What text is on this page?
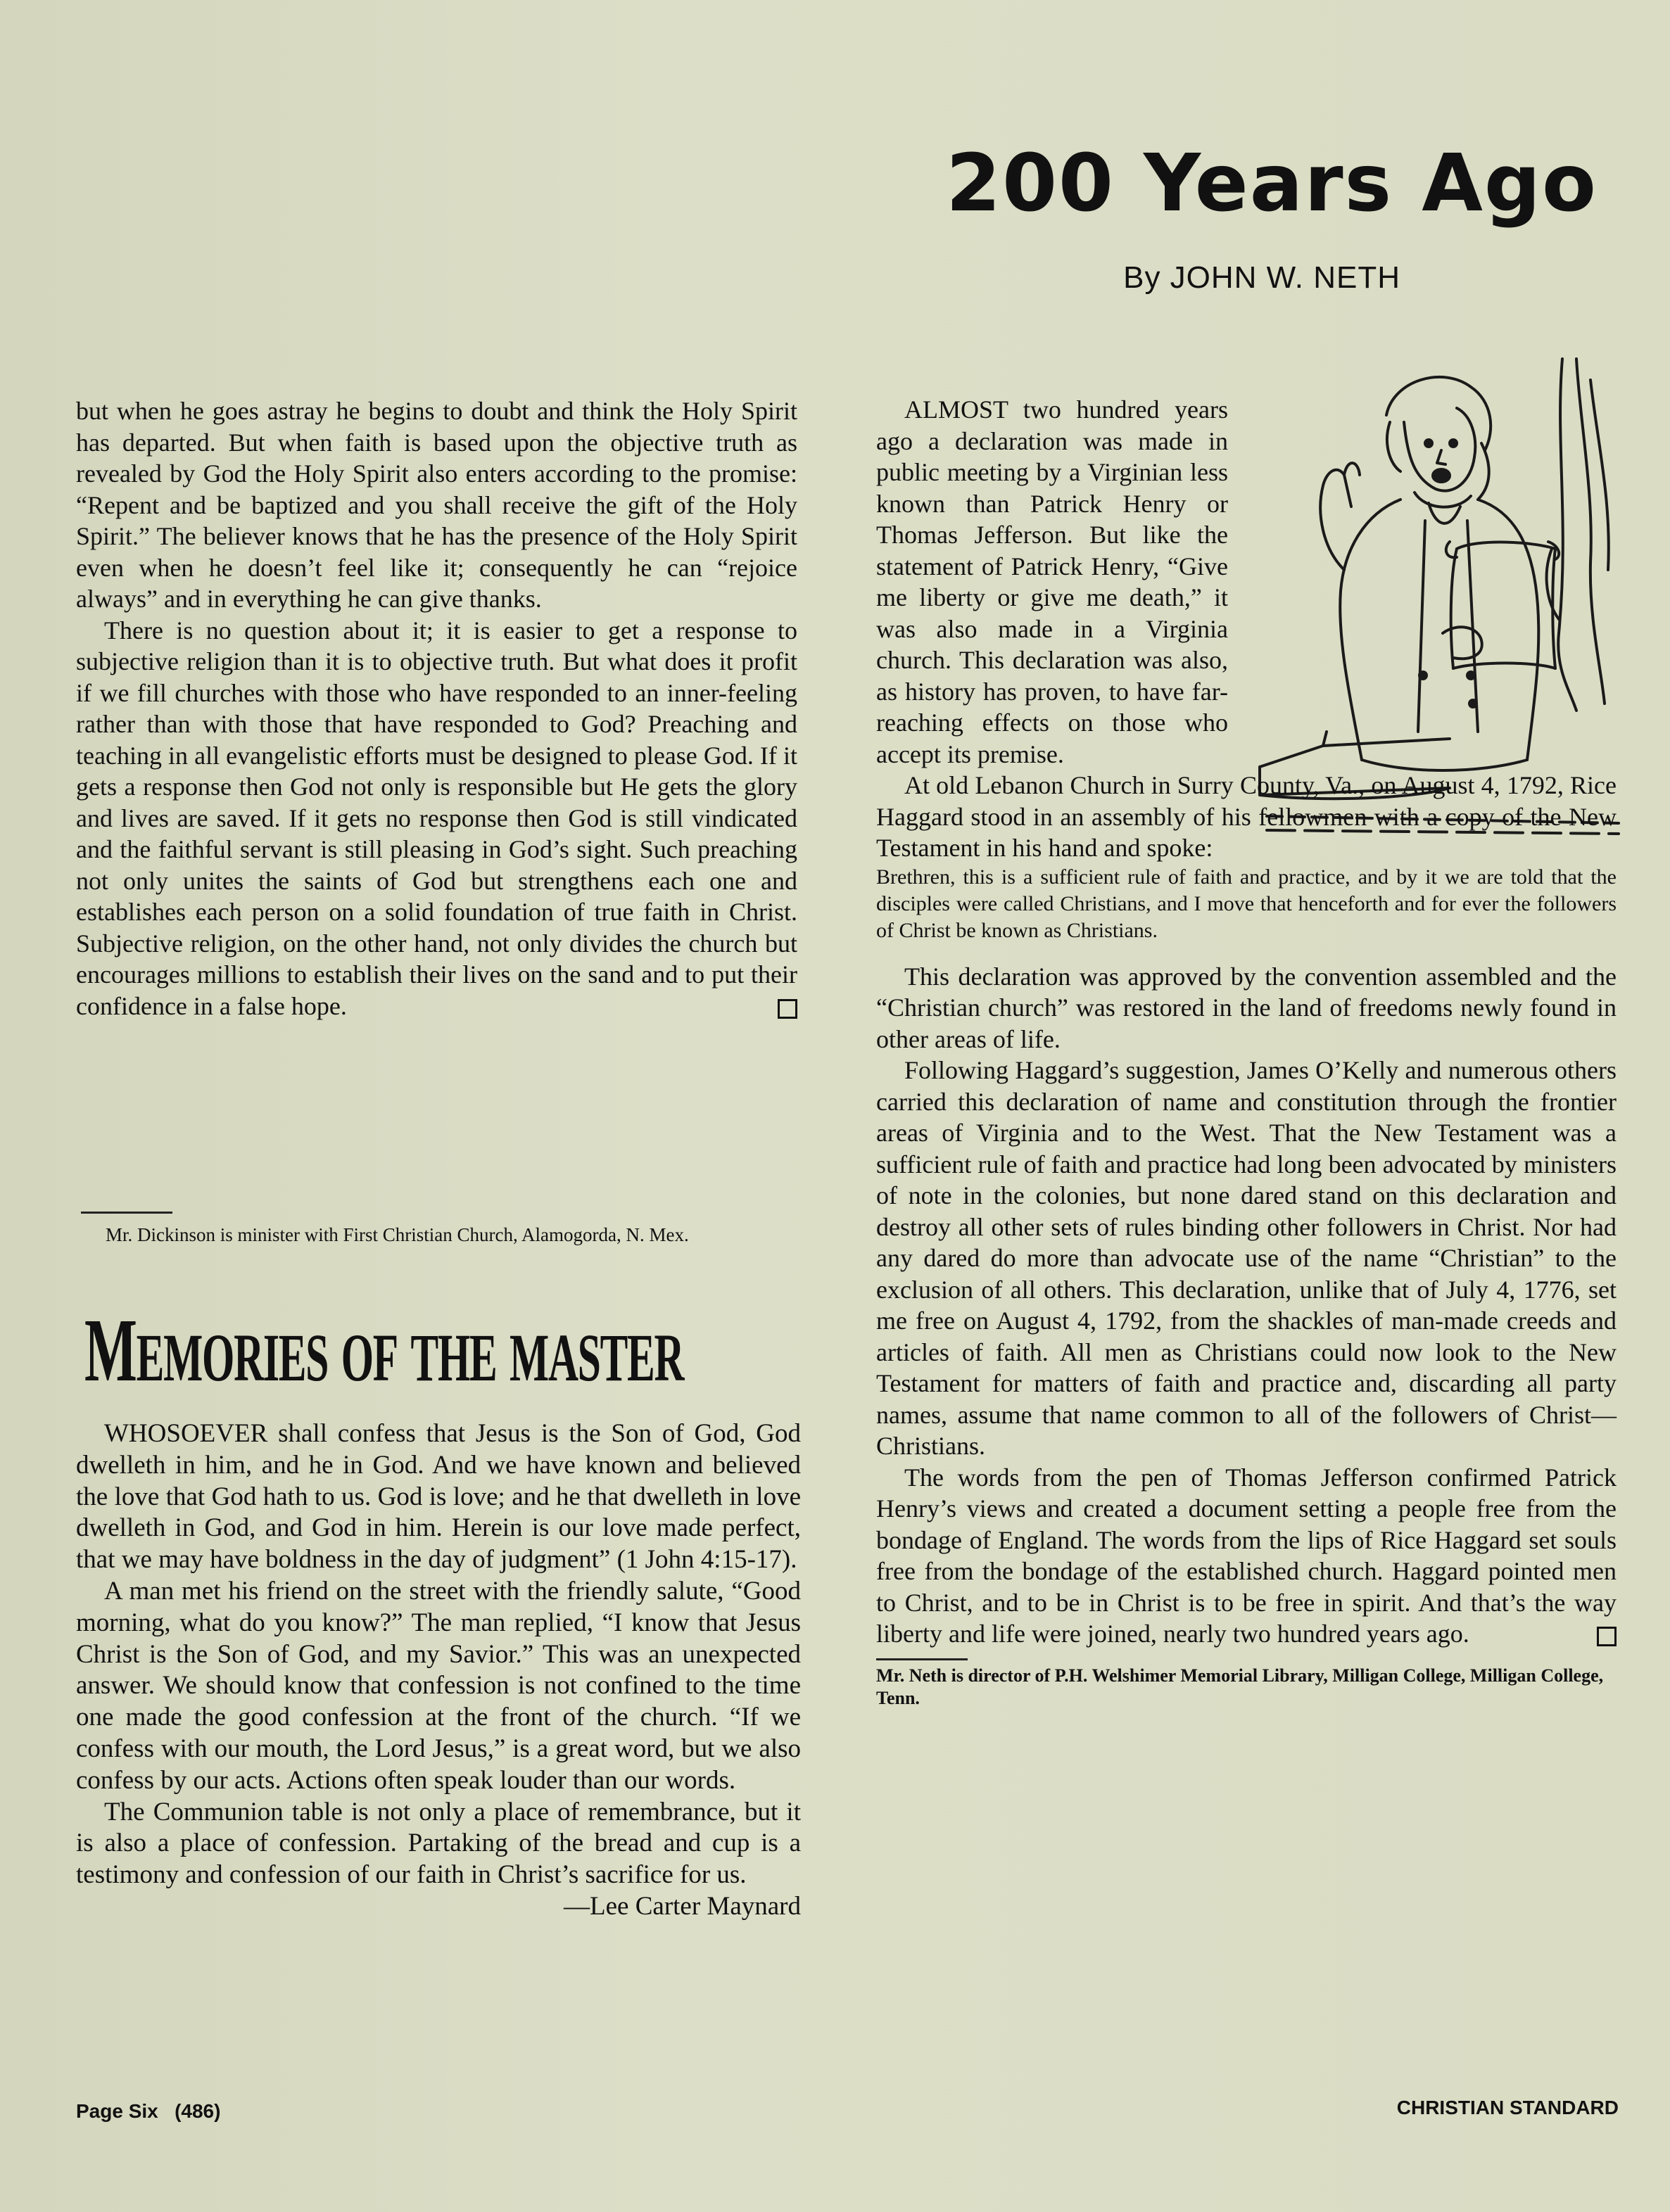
200 Years Ago
By JOHN W. NETH

but when he goes astray he begins to doubt and think the Holy Spirit has departed. But when faith is based upon the objective truth as revealed by God the Holy Spirit also enters according to the promise: “Repent and be baptized and you shall receive the gift of the Holy Spirit.” The believer knows that he has the presence of the Holy Spirit even when he doesn’t feel like it; consequently he can “rejoice always” and in everything he can give thanks.

There is no question about it; it is easier to get a response to subjective religion than it is to objective truth. But what does it profit if we fill churches with those who have responded to an inner-feeling rather than with those that have responded to God? Preaching and teaching in all evangelistic efforts must be designed to please God. If it gets a response then God not only is responsible but He gets the glory and lives are saved. If it gets no response then God is still vindicated and the faithful servant is still pleasing in God’s sight. Such preaching not only unites the saints of God but strengthens each one and establishes each person on a solid foundation of true faith in Christ. Subjective religion, on the other hand, not only divides the church but encourages millions to establish their lives on the sand and to put their confidence in a false hope.

Mr. Dickinson is minister with First Christian Church, Alamogorda, N. Mex.
MEMORIES OF THE MASTER

WHOSOEVER shall confess that Jesus is the Son of God, God dwelleth in him, and he in God. And we have known and believed the love that God hath to us. God is love; and he that dwelleth in love dwelleth in God, and God in him. Herein is our love made perfect, that we may have boldness in the day of judgment” (1 John 4:15-17).

A man met his friend on the street with the friendly salute, “Good morning, what do you know?” The man replied, “I know that Jesus Christ is the Son of God, and my Savior.” This was an unexpected answer. We should know that confession is not confined to the time one made the good confession at the front of the church. “If we confess with our mouth, the Lord Jesus,” is a great word, but we also confess by our acts. Actions often speak louder than our words.

The Communion table is not only a place of remembrance, but it is also a place of confession. Partaking of the bread and cup is a testimony and confession of our faith in Christ’s sacrifice for us.

—Lee Carter Maynard

ALMOST two hundred years ago a declaration was made in public meeting by a Virginian less known than Patrick Henry or Thomas Jefferson. But like the statement of Patrick Henry, “Give me liberty or give me death,” it was also made in a Virginia church. This declaration was also, as history has proven, to have far-reaching effects on those who accept its premise.

At old Lebanon Church in Surry County, Va., on August 4, 1792, Rice Haggard stood in an assembly of his fellowmen with a copy of the New Testament in his hand and spoke:

Brethren, this is a sufficient rule of faith and practice, and by it we are told that the disciples were called Christians, and I move that henceforth and for ever the followers of Christ be known as Christians.

This declaration was approved by the convention assembled and the “Christian church” was restored in the land of freedoms newly found in other areas of life.

Following Haggard’s suggestion, James O’Kelly and numerous others carried this declaration of name and constitution through the frontier areas of Virginia and to the West. That the New Testament was a sufficient rule of faith and practice had long been advocated by ministers of note in the colonies, but none dared stand on this declaration and destroy all other sets of rules binding other followers in Christ. Nor had any dared do more than advocate use of the name “Christian” to the exclusion of all others. This declaration, unlike that of July 4, 1776, set me free on August 4, 1792, from the shackles of man-made creeds and articles of faith. All men as Christians could now look to the New Testament for matters of faith and practice and, discarding all party names, assume that name common to all of the followers of Christ—Christians.

The words from the pen of Thomas Jefferson confirmed Patrick Henry’s views and created a document setting a people free from the bondage of England. The words from the lips of Rice Haggard set souls free from the bondage of the established church. Haggard pointed men to Christ, and to be in Christ is to be free in spirit. And that’s the way liberty and life were joined, nearly two hundred years ago.

Mr. Neth is director of P.H. Welshimer Memorial Library, Milligan College, Milligan College, Tenn.

Page Six (486)	CHRISTIAN STANDARD
